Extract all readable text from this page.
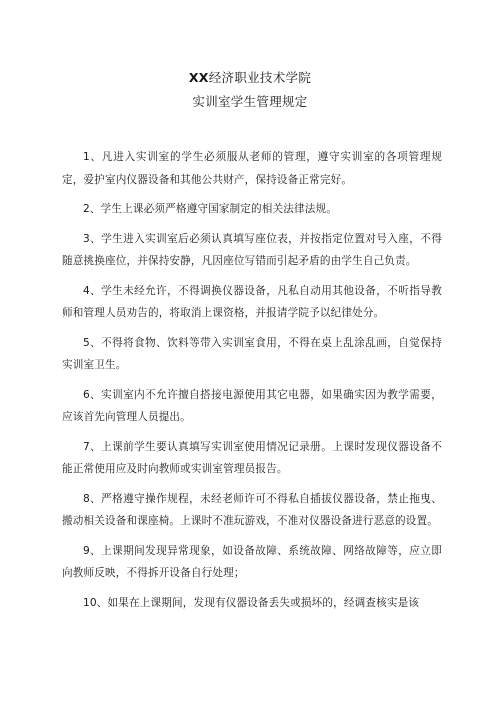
XX经济职业技术学院
实训室学生管理规定

1、凡进入实训室的学生必须服从老师的管理，遵守实训室的各项管理规定，爱护室内仪器设备和其他公共财产，保持设备正常完好。

2、学生上课必须严格遵守国家制定的相关法律法规。

3、学生进入实训室后必须认真填写座位表，并按指定位置对号入座，不得随意挑换座位，并保持安静，凡因座位写错而引起矛盾的由学生自己负责。

4、学生未经允许，不得调换仪器设备，凡私自动用其他设备，不听指导教师和管理人员劝告的，将取消上课资格，并报请学院予以纪律处分。

5、不得将食物、饮料等带入实训室食用，不得在桌上乱涂乱画，自觉保持实训室卫生。

6、实训室内不允许擅自搭接电源使用其它电器，如果确实因为教学需要，应该首先向管理人员提出。

7、上课前学生要认真填写实训室使用情况记录册。上课时发现仪器设备不能正常使用应及时向教师或实训室管理员报告。

8、严格遵守操作规程，未经老师许可不得私自插拔仪器设备，禁止拖曳、搬动相关设备和课座椅。上课时不准玩游戏，不准对仪器设备进行恶意的设置。

9、上课期间发现异常现象，如设备故障、系统故障、网络故障等，应立即向教师反映，不得拆开设备自行处理；

10、如果在上课期间，发现有仪器设备丢失或损坏的，经调查核实是该
